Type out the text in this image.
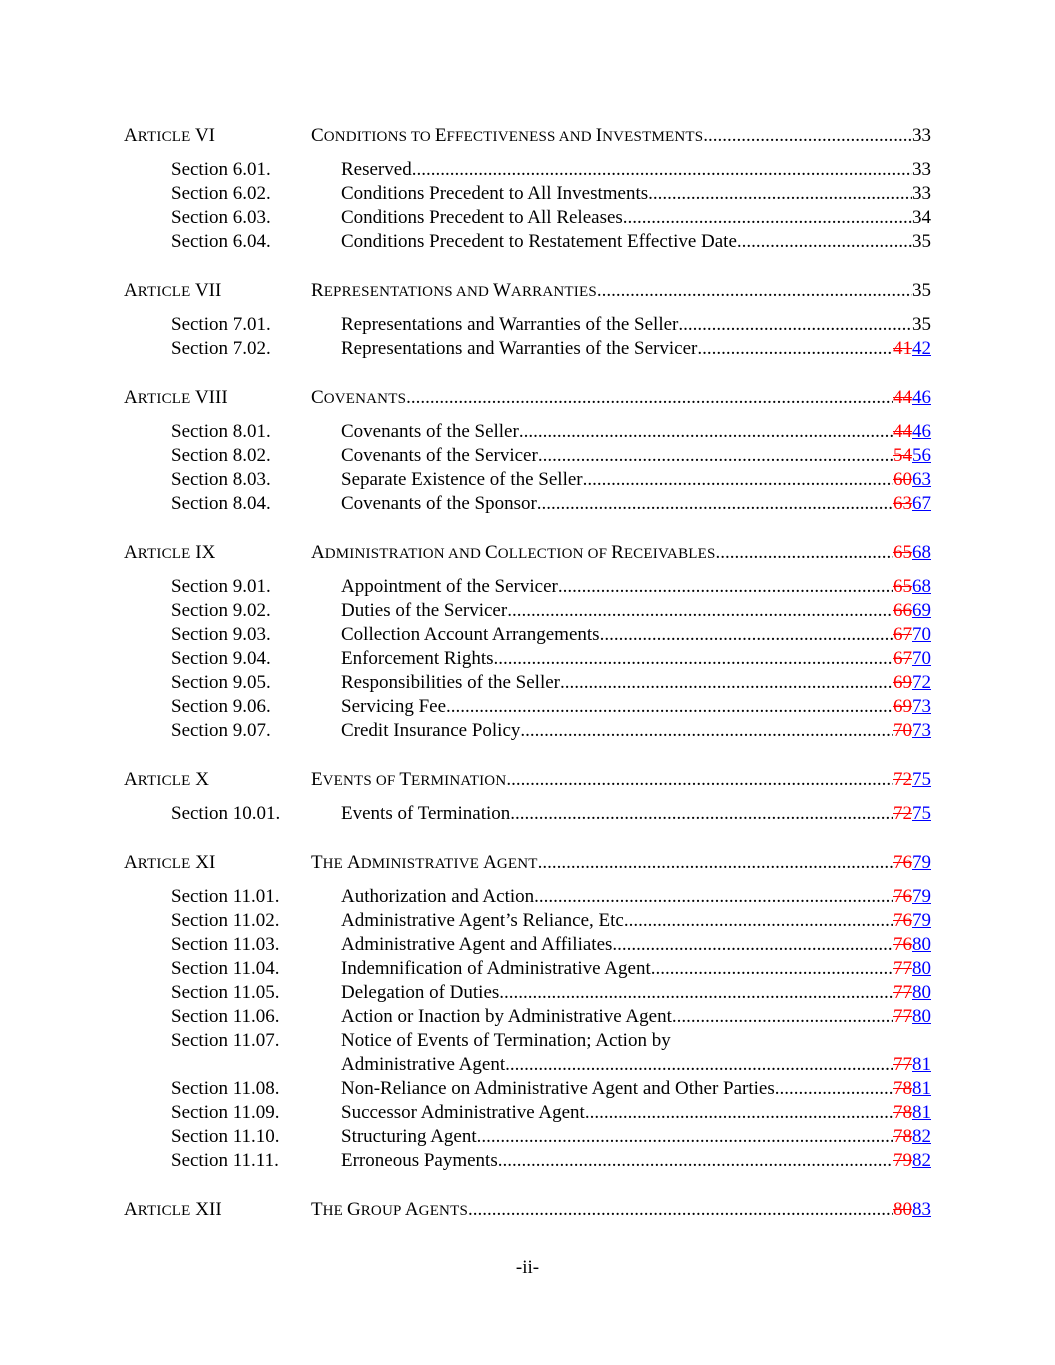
ARTICLE VI	CONDITIONS TO EFFECTIVENESS AND INVESTMENTS .....	33
Section 6.01.	Reserved .....	33
Section 6.02.	Conditions Precedent to All Investments .....	33
Section 6.03.	Conditions Precedent to All Releases .....	34
Section 6.04.	Conditions Precedent to Restatement Effective Date .....	35
ARTICLE VII	REPRESENTATIONS AND WARRANTIES .....	35
Section 7.01.	Representations and Warranties of the Seller .....	35
Section 7.02.	Representations and Warranties of the Servicer .....	4142
ARTICLE VIII	COVENANTS .....	4446
Section 8.01.	Covenants of the Seller .....	4446
Section 8.02.	Covenants of the Servicer .....	5456
Section 8.03.	Separate Existence of the Seller .....	6063
Section 8.04.	Covenants of the Sponsor .....	6367
ARTICLE IX	ADMINISTRATION AND COLLECTION OF RECEIVABLES .....	6568
Section 9.01.	Appointment of the Servicer .....	6568
Section 9.02.	Duties of the Servicer .....	6669
Section 9.03.	Collection Account Arrangements .....	6770
Section 9.04.	Enforcement Rights .....	6770
Section 9.05.	Responsibilities of the Seller .....	6972
Section 9.06.	Servicing Fee .....	6973
Section 9.07.	Credit Insurance Policy .....	7073
ARTICLE X	EVENTS OF TERMINATION .....	7275
Section 10.01.	Events of Termination .....	7275
ARTICLE XI	THE ADMINISTRATIVE AGENT .....	7679
Section 11.01.	Authorization and Action .....	7679
Section 11.02.	Administrative Agent’s Reliance, Etc. .....	7679
Section 11.03.	Administrative Agent and Affiliates .....	7680
Section 11.04.	Indemnification of Administrative Agent .....	7780
Section 11.05.	Delegation of Duties .....	7780
Section 11.06.	Action or Inaction by Administrative Agent .....	7780
Section 11.07.	Notice of Events of Termination; Action by
Administrative Agent .....	7781
Section 11.08.	Non-Reliance on Administrative Agent and Other Parties .....	7881
Section 11.09.	Successor Administrative Agent .....	7881
Section 11.10.	Structuring Agent .....	7882
Section 11.11.	Erroneous Payments .....	7982
ARTICLE XII	THE GROUP AGENTS .....	8083
-ii-
